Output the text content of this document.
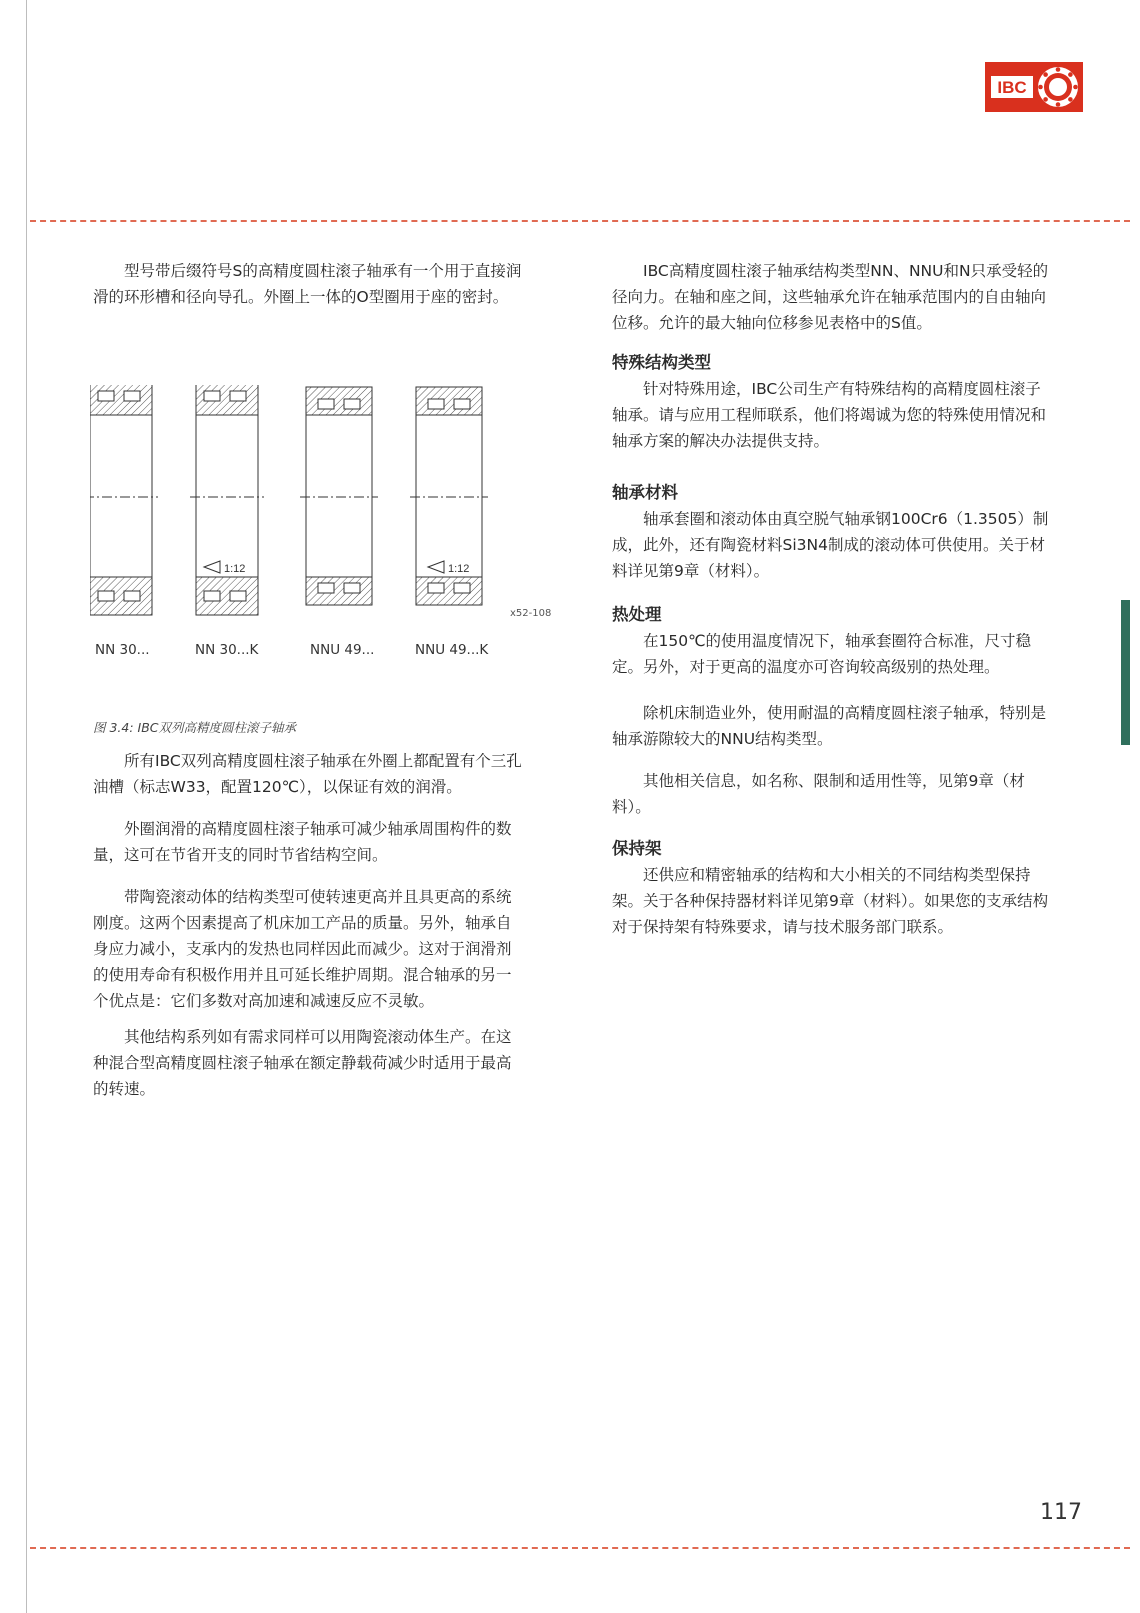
IBC

型号带后缀符号S的高精度圆柱滚子轴承有一个用于直接润滑的环形槽和径向导孔。外圈上一体的O型圈用于座的密封。

1:12	1:12
x52-108
NN 30...	NN 30...K	NNU 49...	NNU 49...K
图 3.4: IBC双列高精度圆柱滚子轴承

所有IBC双列高精度圆柱滚子轴承在外圈上都配置有个三孔油槽（标志W33，配置120℃），以保证有效的润滑。

外圈润滑的高精度圆柱滚子轴承可减少轴承周围构件的数量，这可在节省开支的同时节省结构空间。

带陶瓷滚动体的结构类型可使转速更高并且具更高的系统刚度。这两个因素提高了机床加工产品的质量。另外，轴承自身应力减小，支承内的发热也同样因此而减少。这对于润滑剂的使用寿命有积极作用并且可延长维护周期。混合轴承的另一个优点是：它们多数对高加速和减速反应不灵敏。

其他结构系列如有需求同样可以用陶瓷滚动体生产。在这种混合型高精度圆柱滚子轴承在额定静载荷减少时适用于最高的转速。

IBC高精度圆柱滚子轴承结构类型NN、NNU和N只承受轻的径向力。在轴和座之间，这些轴承允许在轴承范围内的自由轴向位移。允许的最大轴向位移参见表格中的S值。

特殊结构类型

针对特殊用途，IBC公司生产有特殊结构的高精度圆柱滚子轴承。请与应用工程师联系，他们将竭诚为您的特殊使用情况和轴承方案的解决办法提供支持。

轴承材料

轴承套圈和滚动体由真空脱气轴承钢100Cr6（1.3505）制成，此外，还有陶瓷材料Si3N4制成的滚动体可供使用。关于材料详见第9章（材料）。

热处理

在150℃的使用温度情况下，轴承套圈符合标准，尺寸稳定。另外，对于更高的温度亦可咨询较高级别的热处理。

除机床制造业外，使用耐温的高精度圆柱滚子轴承，特别是轴承游隙较大的NNU结构类型。

其他相关信息，如名称、限制和适用性等，见第9章（材料）。

保持架

还供应和精密轴承的结构和大小相关的不同结构类型保持架。关于各种保持器材料详见第9章（材料）。如果您的支承结构对于保持架有特殊要求，请与技术服务部门联系。

117
